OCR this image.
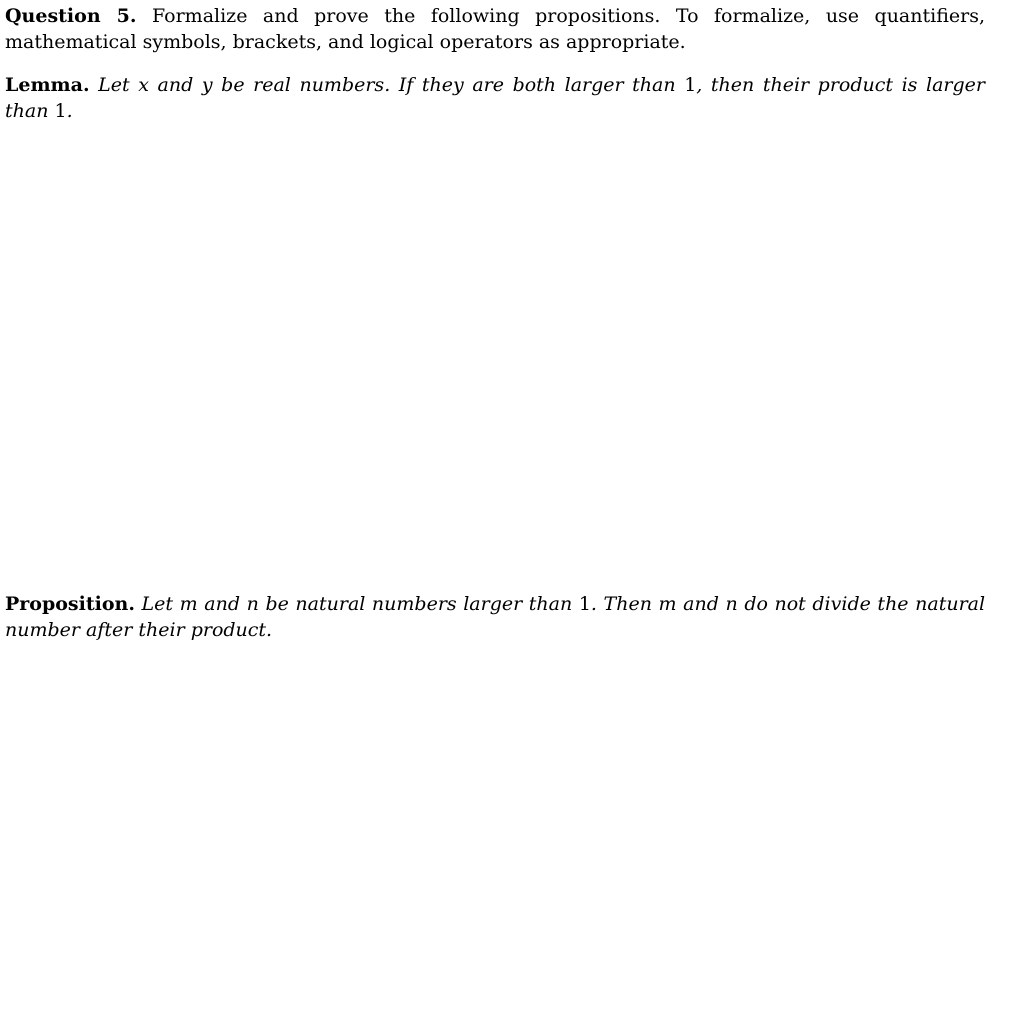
Question 5. Formalize and prove the following propositions. To formalize, use quantifiers, mathematical symbols, brackets, and logical operators as appropriate.

Lemma. Let x and y be real numbers. If they are both larger than 1, then their product is larger than 1.

Proposition. Let m and n be natural numbers larger than 1. Then m and n do not divide the natural number after their product.
